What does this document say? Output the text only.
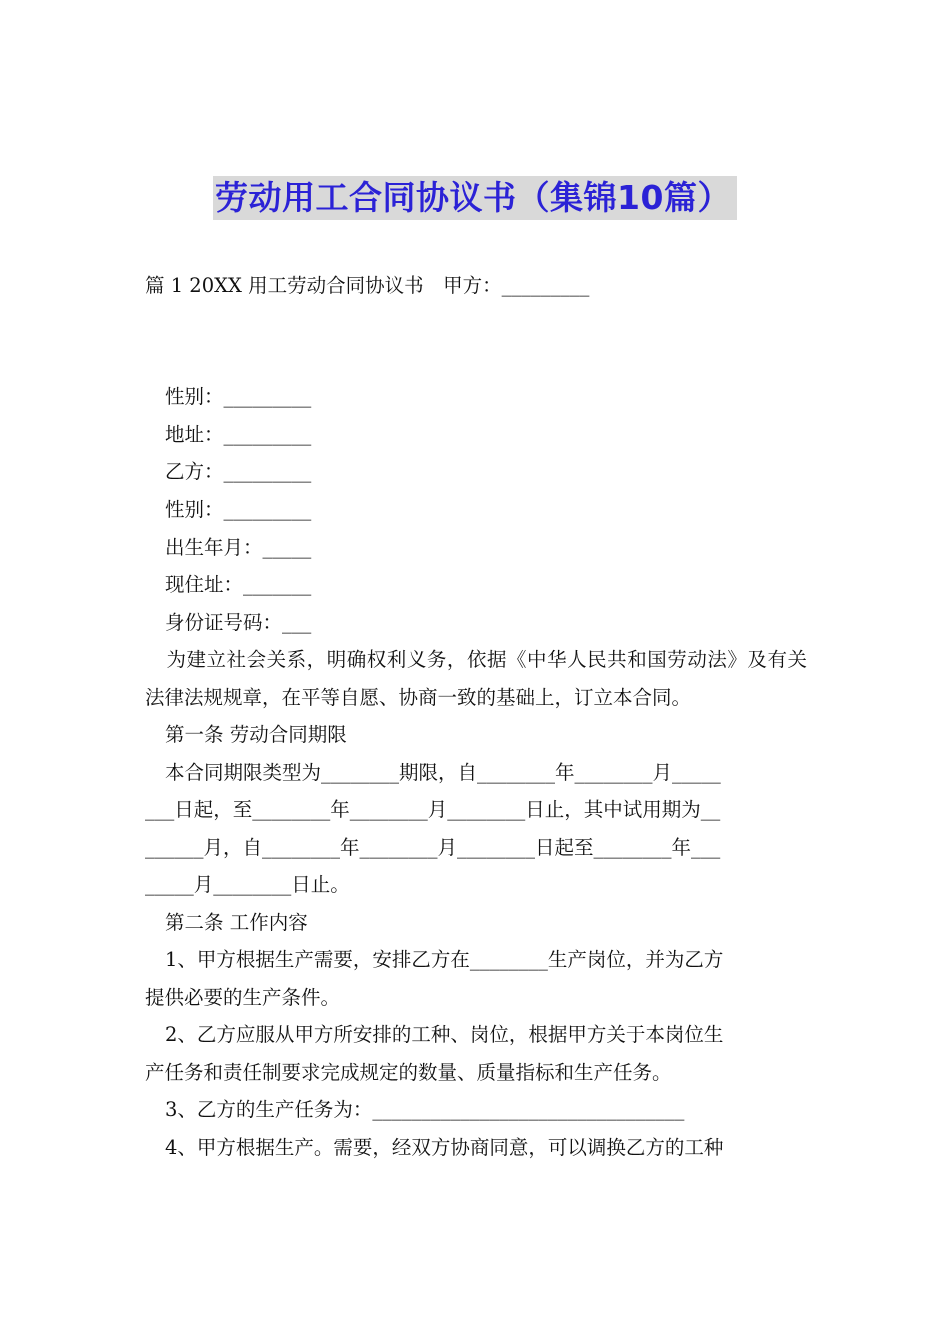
劳动用工合同协议书（集锦10篇）
篇 1 20XX 用工劳动合同协议书　甲方：_________
性别：_________
地址：_________
乙方：_________
性别：_________
出生年月：_____
现住址：_______
身份证号码：___

为建立社会关系，明确权利义务，依据《中华人民共和国劳动法》及有关法律法规规章，在平等自愿、协商一致的基础上，订立本合同。

第一条 劳动合同期限

本合同期限类型为________期限，自________年________月_____

___日起，至________年________月________日止，其中试用期为__

______月，自________年________月________日起至________年___

_____月________日止。

第二条 工作内容

1、甲方根据生产需要，安排乙方在________生产岗位，并为乙方

提供必要的生产条件。

2、乙方应服从甲方所安排的工种、岗位，根据甲方关于本岗位生

产任务和责任制要求完成规定的数量、质量指标和生产任务。

3、乙方的生产任务为：________________________________

4、甲方根据生产。需要，经双方协商同意，可以调换乙方的工种
